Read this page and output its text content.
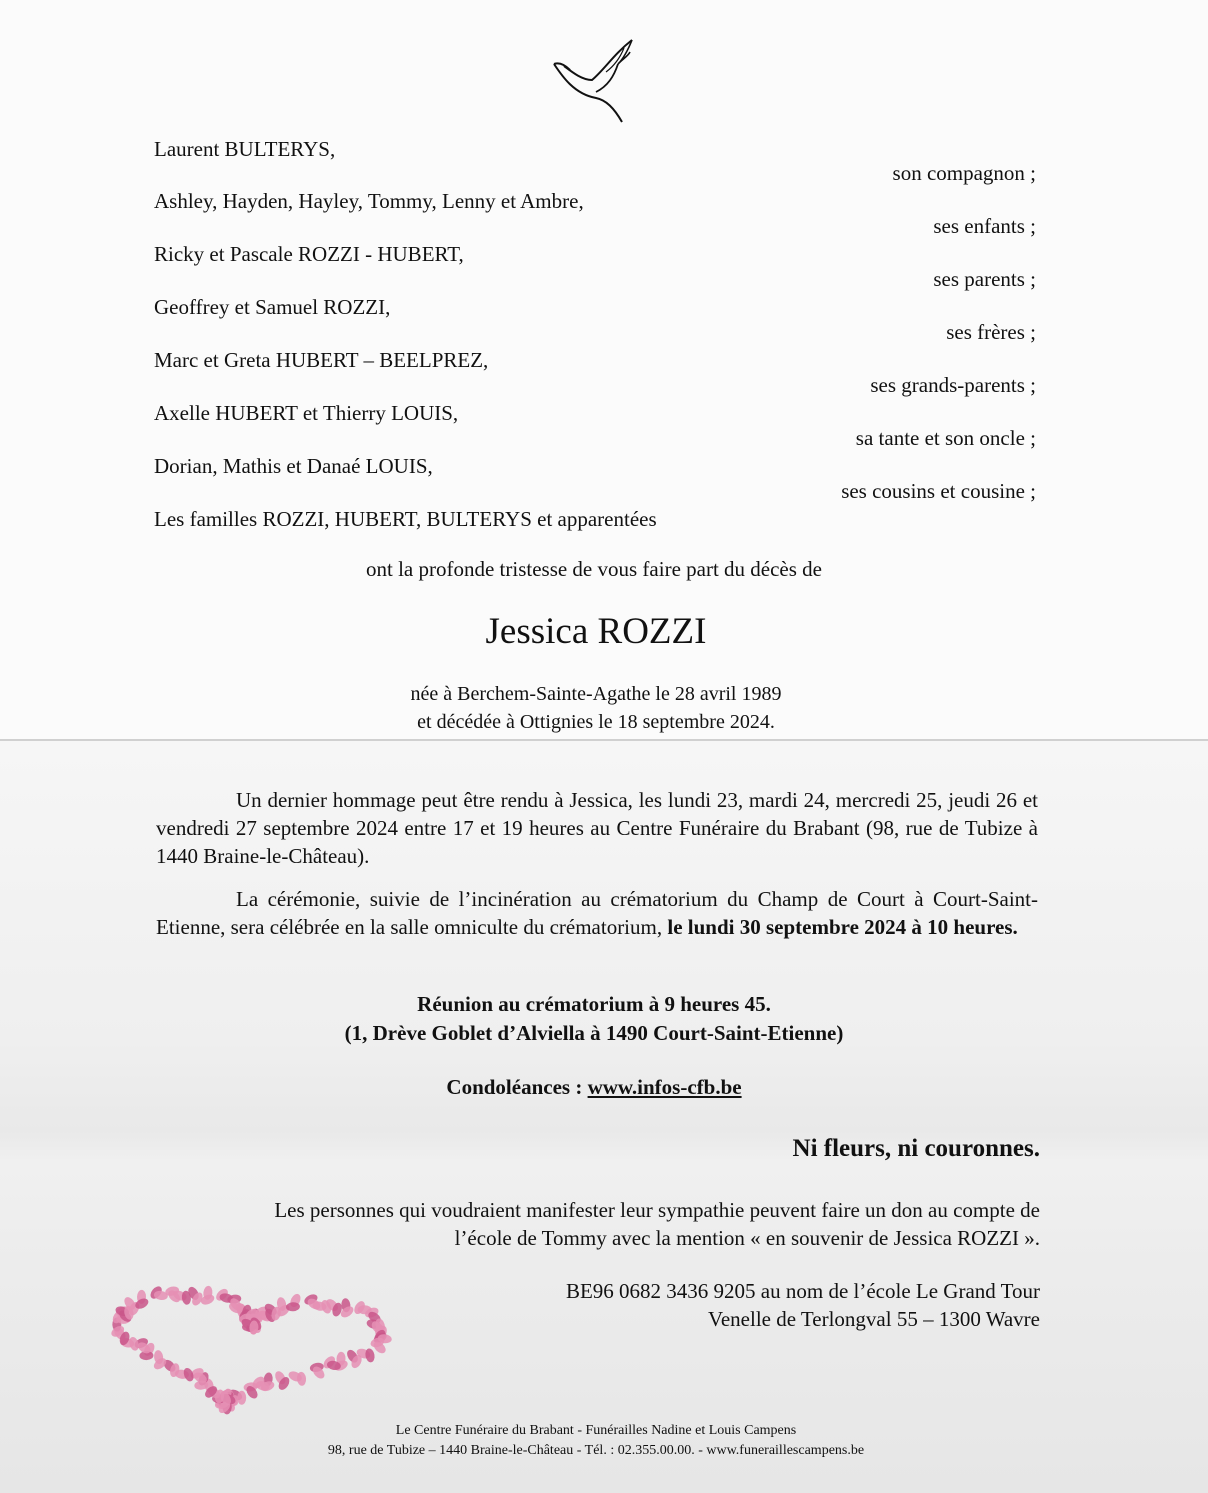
Laurent BULTERYS,
son compagnon ;
Ashley, Hayden, Hayley, Tommy, Lenny et Ambre,
ses enfants ;
Ricky et Pascale ROZZI - HUBERT,
ses parents ;
Geoffrey et Samuel ROZZI,
ses frères ;
Marc et Greta HUBERT – BEELPREZ,
ses grands-parents ;
Axelle HUBERT et Thierry LOUIS,
sa tante et son oncle ;
Dorian, Mathis et Danaé LOUIS,
ses cousins et cousine ;
Les familles ROZZI, HUBERT, BULTERYS et apparentées
ont la profonde tristesse de vous faire part du décès de
Jessica ROZZI
née à Berchem-Sainte-Agathe le 28 avril 1989
et décédée à Ottignies le 18 septembre 2024.
Un dernier hommage peut être rendu à Jessica, les lundi 23, mardi 24, mercredi 25, jeudi 26 et vendredi 27 septembre 2024 entre 17 et 19 heures au Centre Funéraire du Brabant (98, rue de Tubize à 1440 Braine-le-Château).
La cérémonie, suivie de l’incinération au crématorium du Champ de Court à Court-Saint-Etienne, sera célébrée en la salle omniculte du crématorium, le lundi 30 septembre 2024 à 10 heures.
Réunion au crématorium à 9 heures 45.
(1, Drève Goblet d’Alviella à 1490 Court-Saint-Etienne)
Condoléances : www.infos-cfb.be
Ni fleurs, ni couronnes.
Les personnes qui voudraient manifester leur sympathie peuvent faire un don au compte de
l’école de Tommy avec la mention « en souvenir de Jessica ROZZI ».
BE96 0682 3436 9205 au nom de l’école Le Grand Tour
Venelle de Terlongval 55 – 1300 Wavre
Le Centre Funéraire du Brabant - Funérailles Nadine et Louis Campens
98, rue de Tubize – 1440 Braine-le-Château - Tél. : 02.355.00.00. - www.funeraillescampens.be
